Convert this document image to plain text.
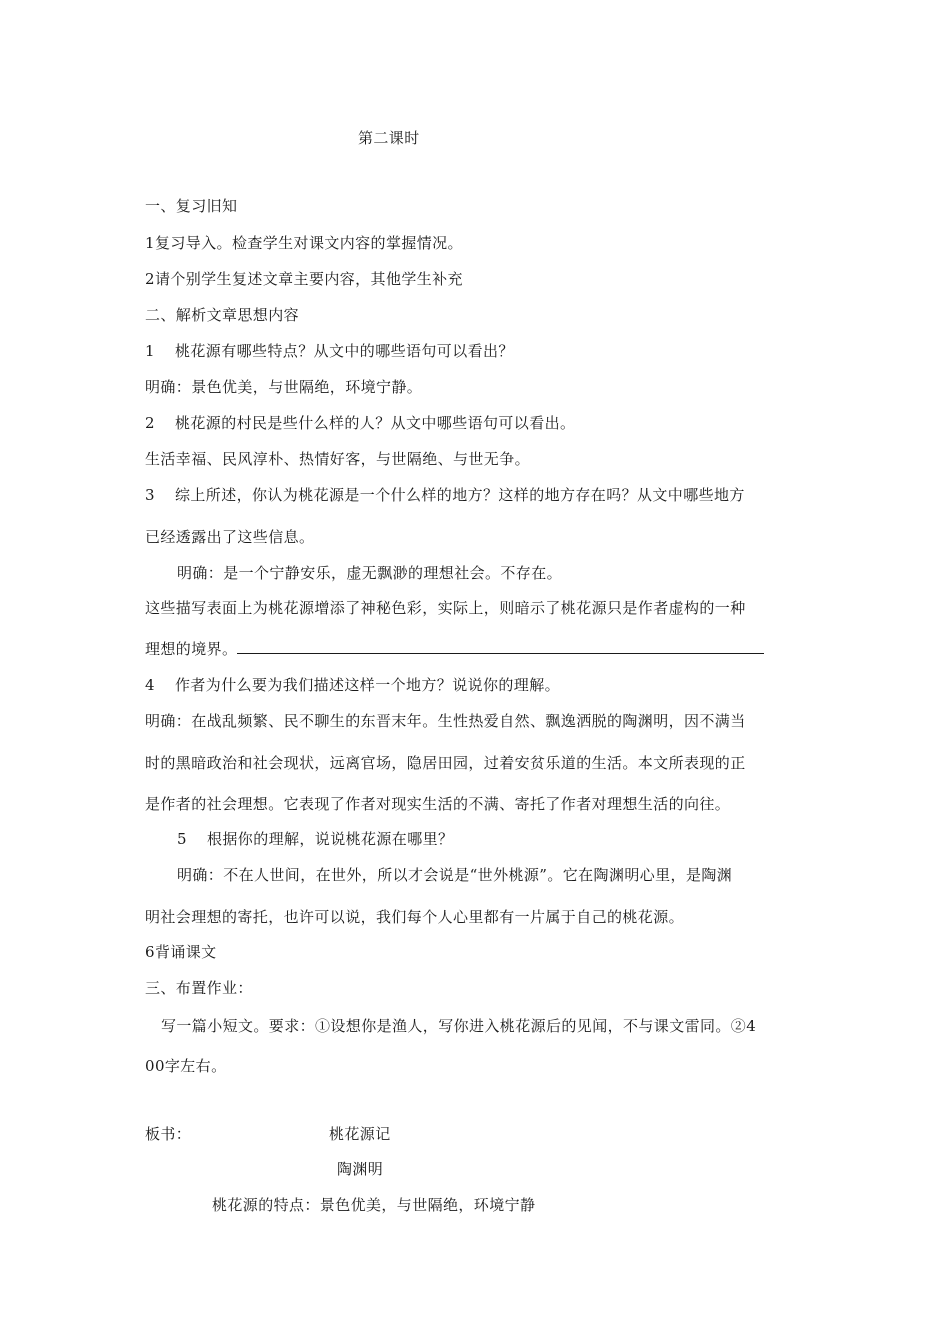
第二课时
一、复习旧知
1复习导入。检查学生对课文内容的掌握情况。
2请个别学生复述文章主要内容，其他学生补充
二、解析文章思想内容
1 桃花源有哪些特点？从文中的哪些语句可以看出？
明确：景色优美，与世隔绝，环境宁静。
2 桃花源的村民是些什么样的人？从文中哪些语句可以看出。
生活幸福、民风淳朴、热情好客，与世隔绝、与世无争。
3 综上所述，你认为桃花源是一个什么样的地方？这样的地方存在吗？从文中哪些地方
已经透露出了这些信息。
明确：是一个宁静安乐，虚无飘渺的理想社会。不存在。
这些描写表面上为桃花源增添了神秘色彩，实际上，则暗示了桃花源只是作者虚构的一种
理想的境界。
4 作者为什么要为我们描述这样一个地方？说说你的理解。
明确：在战乱频繁、民不聊生的东晋末年。生性热爱自然、飘逸洒脱的陶渊明，因不满当
时的黑暗政治和社会现状，远离官场，隐居田园，过着安贫乐道的生活。本文所表现的正
是作者的社会理想。它表现了作者对现实生活的不满、寄托了作者对理想生活的向往。
5 根据你的理解，说说桃花源在哪里？
明确：不在人世间，在世外，所以才会说是“世外桃源”。它在陶渊明心里，是陶渊
明社会理想的寄托，也许可以说，我们每个人心里都有一片属于自己的桃花源。
6背诵课文
三、布置作业：
写一篇小短文。要求：①设想你是渔人，写你进入桃花源后的见闻，不与课文雷同。②4
00字左右。
板书：	桃花源记
陶渊明
桃花源的特点：景色优美，与世隔绝，环境宁静
